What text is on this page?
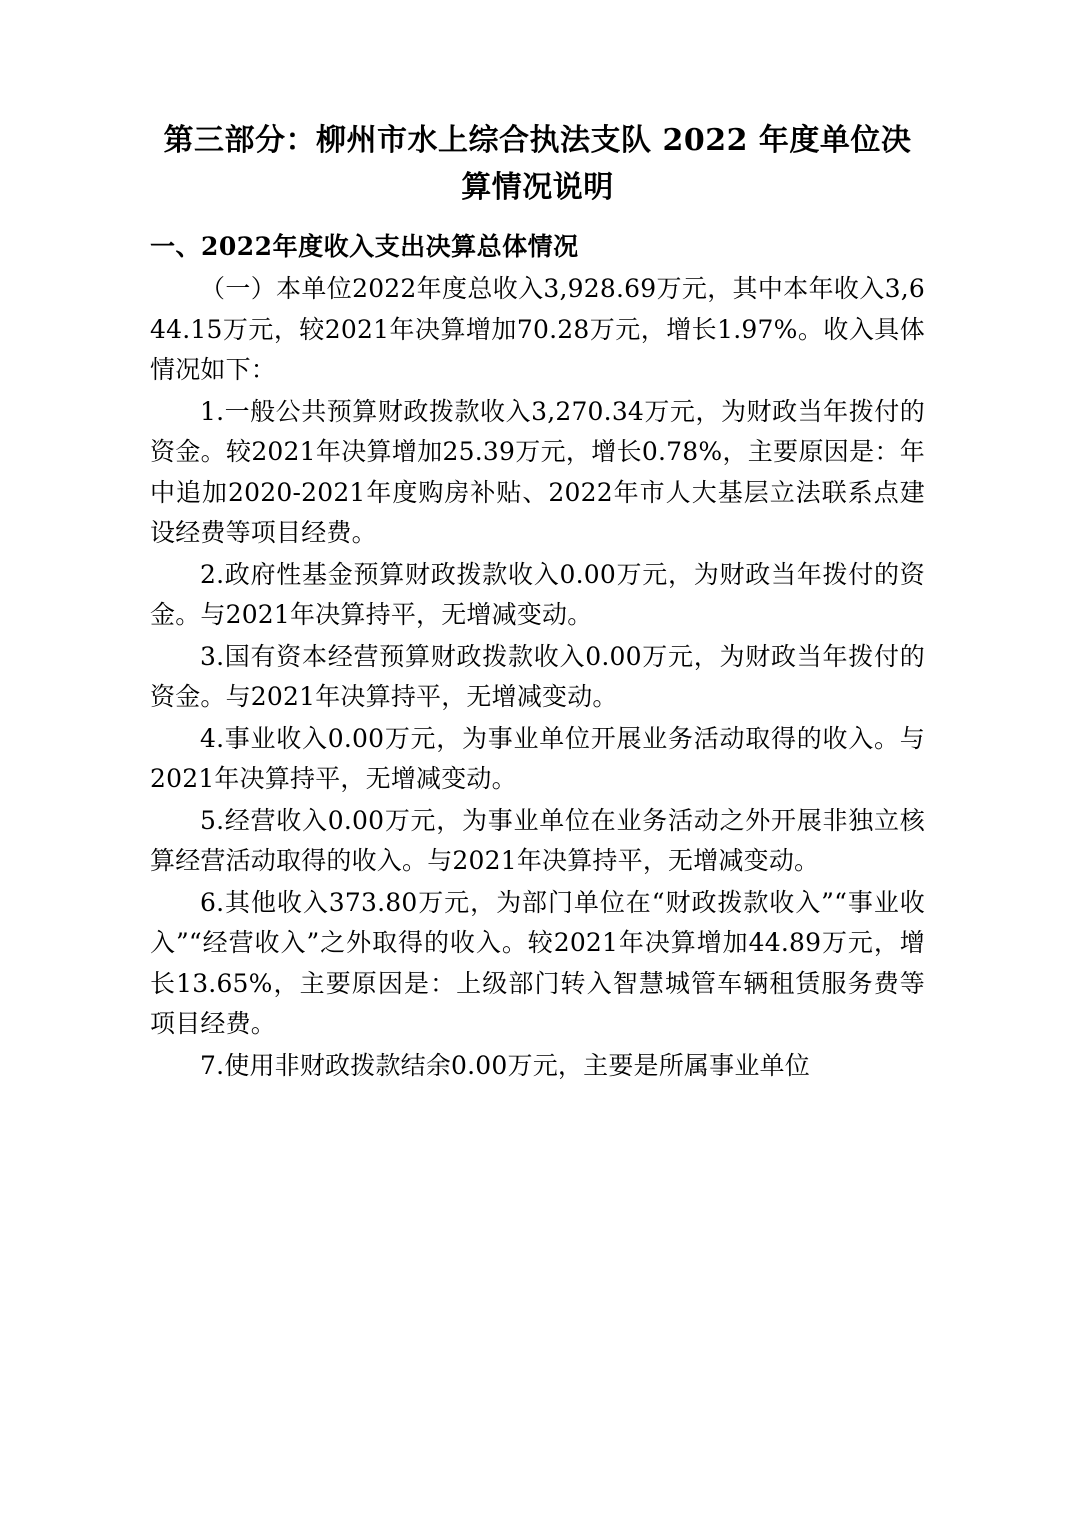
第三部分：柳州市水上综合执法支队 2022 年度单位决算情况说明
一、2022年度收入支出决算总体情况

（一）本单位2022年度总收入3,928.69万元，其中本年收入3,644.15万元，较2021年决算增加70.28万元，增长1.97%。收入具体情况如下：

1.一般公共预算财政拨款收入3,270.34万元，为财政当年拨付的资金。较2021年决算增加25.39万元，增长0.78%，主要原因是：年中追加2020-2021年度购房补贴、2022年市人大基层立法联系点建设经费等项目经费。

2.政府性基金预算财政拨款收入0.00万元，为财政当年拨付的资金。与2021年决算持平，无增减变动。

3.国有资本经营预算财政拨款收入0.00万元，为财政当年拨付的资金。与2021年决算持平，无增减变动。

4.事业收入0.00万元，为事业单位开展业务活动取得的收入。与2021年决算持平，无增减变动。

5.经营收入0.00万元，为事业单位在业务活动之外开展非独立核算经营活动取得的收入。与2021年决算持平，无增减变动。

6.其他收入373.80万元，为部门单位在“财政拨款收入”“事业收入”“经营收入”之外取得的收入。较2021年决算增加44.89万元，增长13.65%，主要原因是：上级部门转入智慧城管车辆租赁服务费等项目经费。

7.使用非财政拨款结余0.00万元，主要是所属事业单位
